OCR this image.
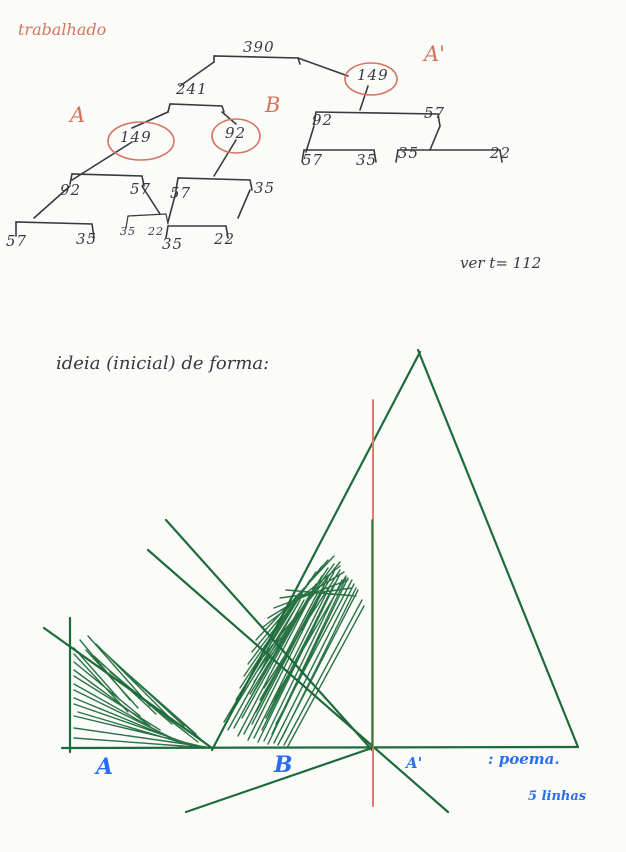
trabalhado
390
241
A	B
A'
149	92
149
92	57
57	35 35 22
57	35
35 22
92	57
57 35 35	22
ver t= 112
ideia (inicial) de forma:
A	B	A'	: poema.
5 linhas
